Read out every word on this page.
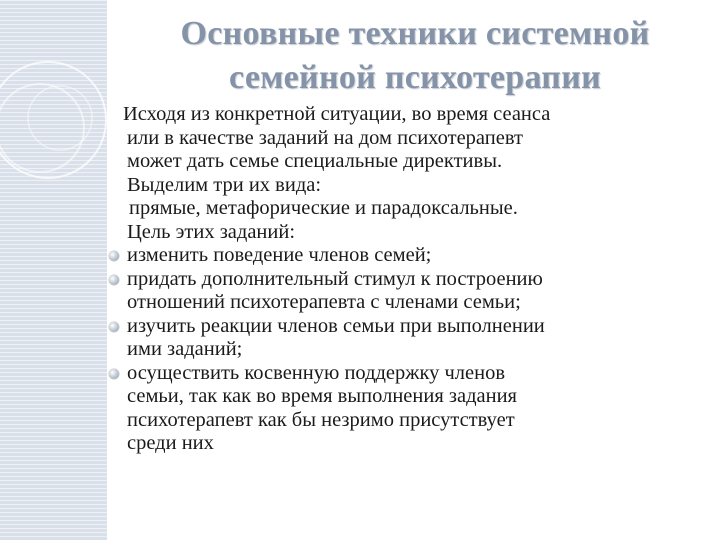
Основные техники системной
семейной психотерапии
Исходя из конкретной ситуации, во время сеанса
или в качестве заданий на дом психотерапевт
может дать семье специальные директивы.
Выделим три их вида:
прямые, метафорические и парадоксальные.
Цель этих заданий:
изменить поведение членов семей;
придать дополнительный стимул к построению
отношений психотерапевта с членами семьи;
изучить реакции членов семьи при выполнении
ими заданий;
осуществить косвенную поддержку членов
семьи, так как во время выполнения задания
психотерапевт как бы незримо присутствует
среди них
